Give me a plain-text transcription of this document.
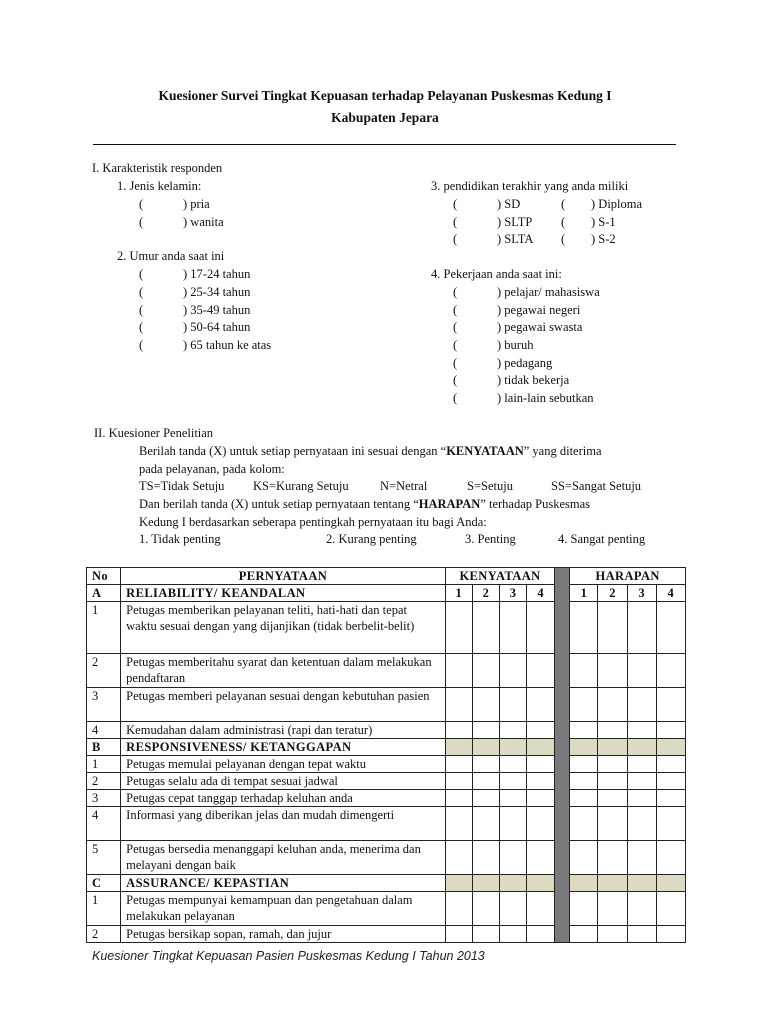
Kuesioner Survei Tingkat Kepuasan terhadap Pelayanan Puskesmas Kedung I
Kabupaten Jepara
I. Karakteristik responden
1. Jenis kelamin:
(	) pria
(	) wanita
2. Umur anda saat ini
(	) 17-24 tahun
(	) 25-34 tahun
(	) 35-49 tahun
(	) 50-64 tahun
(	) 65 tahun ke atas
3. pendidikan terakhir yang anda miliki
(	) SD
(	) SLTP
(	) SLTA
( ) Diploma
( ) S-1
( ) S-2
4. Pekerjaan anda saat ini:
(	) pelajar/ mahasiswa
(	) pegawai negeri
(	) pegawai swasta
(	) buruh
(	) pedagang
(	) tidak bekerja
(	) lain-lain sebutkan
II. Kuesioner Penelitian
Berilah tanda (X) untuk setiap pernyataan ini sesuai dengan “KENYATAAN” yang diterima
pada pelayanan, pada kolom:
TS=Tidak Setuju KS=Kurang Setuju	N=Netral	S=Setuju	SS=Sangat Setuju
Dan berilah tanda (X) untuk setiap pernyataan tentang “HARAPAN” terhadap Puskesmas
Kedung I berdasarkan seberapa pentingkah pernyataan itu bagi Anda:
1. Tidak penting	2. Kurang penting	3. Penting	4. Sangat penting
No	PERNYATAAN	KENYATAAN					HARAPAN			
A	RELIABILITY/ KEANDALAN	1	2	3	4		1	2	3	4
1	Petugas memberikan pelayanan teliti, hati-hati dan tepat waktu sesuai dengan yang dijanjikan (tidak berbelit-belit)									
2	Petugas memberitahu syarat dan ketentuan dalam melakukan pendaftaran									
3	Petugas memberi pelayanan sesuai dengan kebutuhan pasien									
4	Kemudahan dalam administrasi (rapi dan teratur)									
B	RESPONSIVENESS/ KETANGGAPAN									
1	Petugas memulai pelayanan dengan tepat waktu									
2	Petugas selalu ada di tempat sesuai jadwal									
3	Petugas cepat tanggap terhadap keluhan anda									
4	Informasi yang diberikan jelas dan mudah dimengerti									
5	Petugas bersedia menanggapi keluhan anda, menerima dan melayani dengan baik									
C	ASSURANCE/ KEPASTIAN									
1	Petugas mempunyai kemampuan dan pengetahuan dalam melakukan pelayanan									
2	Petugas bersikap sopan, ramah, dan jujur									
Kuesioner Tingkat Kepuasan Pasien Puskesmas Kedung I Tahun 2013
